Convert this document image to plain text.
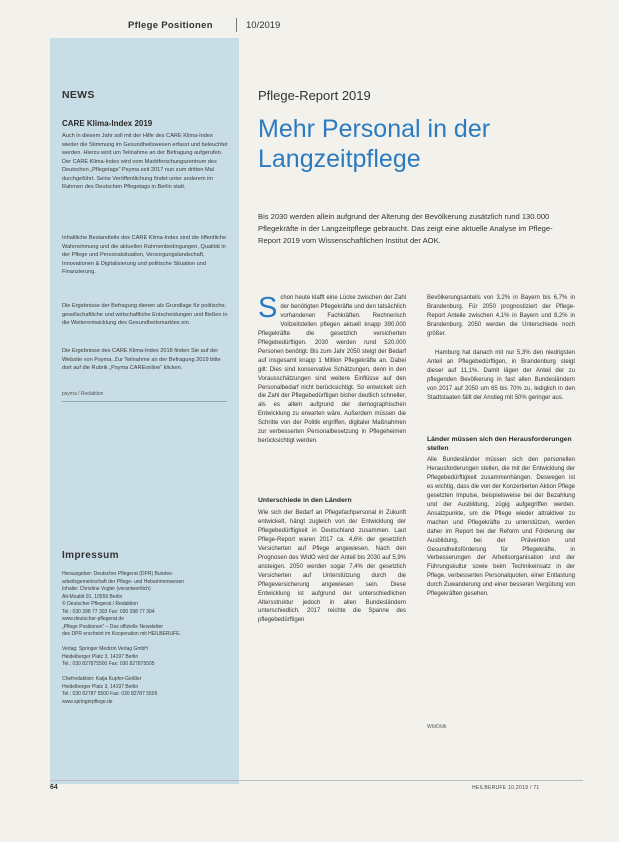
Pflege Positionen	10/2019
NEWS
CARE Klima-Index 2019
Auch in diesem Jahr soll mit der Hilfe des CARE Klima-Index wieder die Stimmung im Gesundheitswesen erfasst und beleuchtet werden. Hierzu wird um Teilnahme an der Befragung aufgerufen. Der CARE Klima-Index wird vom Marktforschungszentrum des Deutschen „Pflegetags“ Psyma seit 2017 nun zum dritten Mal durchgeführt. Seine Veröffentlichung findet unter anderem im Rahmen des Deutschen Pflegetags in Berlin statt.
Inhaltliche Bestandteile des CARE Klima-Index sind die öffentliche Wahrnehmung und die aktuellen Rahmenbedingungen, Qualität in der Pflege und Personalsituation, Versorgungslandschaft, Innovationen & Digitalisierung und politische Situation und Finanzierung.
Die Ergebnisse der Befragung dienen als Grundlage für politische, gesellschaftliche und wirtschaftliche Entscheidungen und fließen in die Weiterentwicklung des Gesundheitsmarktes ein.
Die Ergebnisse des CARE Klima-Index 2018 finden Sie auf der Website von Psyma. Zur Teilnahme an der Befragung 2019 bitte dort auf die Rubrik „Psyma CAREonline“ klicken.
psyma / Redaktion
Impressum
Herausgeber: Deutscher Pflegerat (DPR) Bundes-
arbeitsgemeinschaft der Pflege- und Hebammenwesen
Inhalte: Christine Vogler (verantwortlich)
Alt-Moabit 91, 10559 Berlin
© Deutscher Pflegerat / Redaktion
Tel.: 030 398 77 303 Fax: 030 398 77 304
www.deutscher-pflegerat.de
„Pflege Positionen“ – Das offizielle Newsletter
des DPR erscheint im Kooperation mit HEILBERUFE.

Verlag: Springer Medizin Verlag GmbH
Heidelberger Platz 3, 14197 Berlin
Tel.: 030 827875500 Fax: 030 827875505

Chefredaktion: Katja Kupfer-Geißler
Heidelberger Platz 3, 14197 Berlin
Tel.: 030 82787 5500 Fax: 030 82787 5505
www.springerpflege.de
Pflege-Report 2019
Mehr Personal in der Langzeitpflege
Bis 2030 werden allein aufgrund der Alterung der Bevölkerung zusätzlich rund 130.000 Pflegekräfte in der Langzeitpflege gebraucht. Das zeigt eine aktuelle Analyse im Pflege-Report 2019 vom Wissenschaftlichen Institut der AOK.
Schon heute klafft eine Lücke zwischen der Zahl der benötigten Pflegekräfte und den tatsächlich vorhandenen Fachkräften. Rechnerisch Vollzeitstellen pflegen aktuell knapp 390.000 Pflegekräfte die gesetzlich versicherten Pflegebedürftigen. 2030 werden rund 520.000 Personen benötigt. Bis zum Jahr 2050 steigt der Bedarf auf insgesamt knapp 1 Million Pflegekräfte an. Dabei gilt: Dies sind konservative Schätzungen, denn in den Vorausschätzungen sind weitere Einflüsse auf den Personalbedarf nicht berücksichtigt. So entwickelt sich die Zahl der Pflegebedürftigen bisher deutlich schneller, als es allein aufgrund der demographischen Entwicklung zu erwarten wäre. Außerdem müssen die Schritte von der Politik ergriffen, digitaler Maßnahmen zur verbesserten Personalbesetzung in Pflegeheimen berücksichtigt werden.
Unterschiede in den Ländern
Wie sich der Bedarf an Pflegefachpersonal in Zukunft entwickelt, hängt zugleich von der Entwicklung der Pflegebedürftigkeit in Deutschland zusammen. Laut Pflege-Report waren 2017 ca. 4,6% der gesetzlich Versicherten auf Pflege angewiesen. Nach den Prognosen des WIdO wird der Anteil bis 2030 auf 5,9% ansteigen. 2050 werden sogar 7,4% der gesetzlich Versicherten auf Unterstützung durch die Pflegeversicherung angewiesen sein. Diese Entwicklung ist aufgrund der unterschiedlichen Altersstruktur jedoch in allen Bundesländern unterschiedlich. 2017 reichte die Spanne des pflegebedürftigen
Bevölkerungsanteils von 3,2% in Bayern bis 6,7% in Brandenburg. Für 2050 prognostiziert der Pflege-Report Anteile zwischen 4,1% in Bayern und 8,2% in Brandenburg. 2050 werden die Unterschiede noch größer.
Hamburg hat danach mit nur 5,3% den niedrigsten Anteil an Pflegebedürftigen, in Brandenburg steigt dieser auf 11,1%. Damit lägen der Anteil der zu pflegenden Bevölkerung in fast allen Bundesländern von 2017 auf 2050 um 65 bis 70% zu, lediglich in den Stadtstaaten fällt der Anstieg mit 50% geringer aus.
Länder müssen sich den Herausforderungen stellen
Alle Bundesländer müssen sich den personellen Herausforderungen stellen, die mit der Entwicklung der Pflegebedürftigkeit zusammenhängen. Deswegen ist es wichtig, dass die von der Konzertierten Aktion Pflege gesetzten Impulse, beispielsweise bei der Bezahlung und der Ausbildung, zügig aufgegriffen werden. Ansatzpunkte, um die Pflege wieder attraktiver zu machen und Pflegekräfte zu unterstützen, werden daher im Report bei der Reform und Förderung der Ausbildung, bei der Prävention und Gesundheitsförderung für Pflegekräfte, in Verbesserungen der Arbeitsorganisation und der Führungskultur sowie beim Technikeinsatz in der Pflege, verbesserten Personalquoten, einer Entlastung durch Zuwanderung und einer besseren Vergütung von Pflegekräften gesehen.
WIdO/dk
64	HEILBERUFE 10.2019 / 71
